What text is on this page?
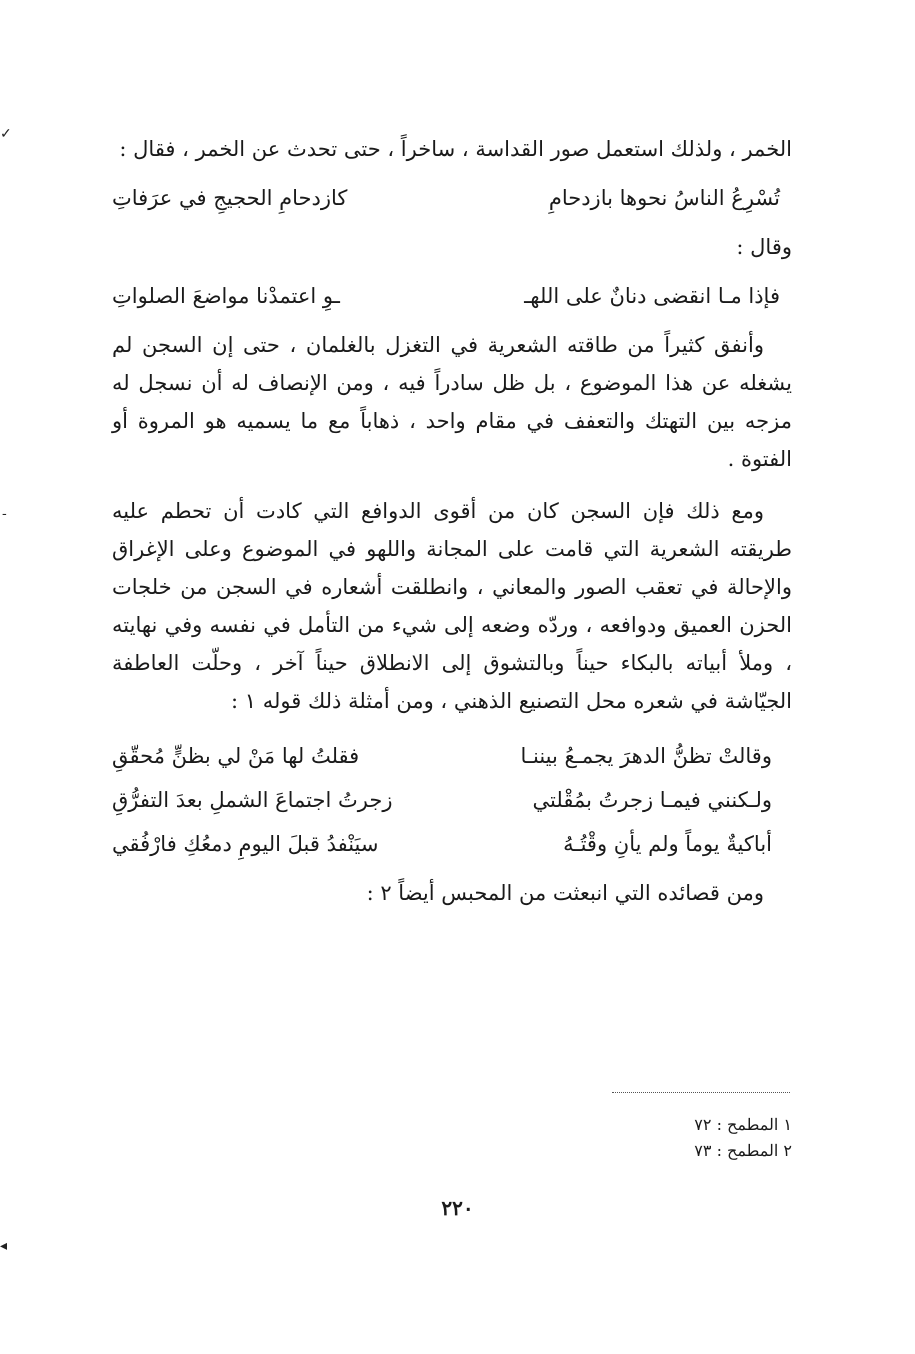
✓
-
◂

الخمر ، ولذلك استعمل صور القداسة ، ساخراً ، حتى تحدث عن الخمر ، فقال :

تُسْرِعُ الناسُ نحوها بازدحامِ
كازدحامِ الحجيجِ في عرَفاتِ

وقال :

فإذا مـا انقضى دنانٌ على اللهـ
ـوِ اعتمدْنا مواضعَ الصلواتِ

وأنفق كثيراً من طاقته الشعرية في التغزل بالغلمان ، حتى إن السجن لم يشغله عن هذا الموضوع ، بل ظل سادراً فيه ، ومن الإنصاف له أن نسجل له مزجه بين التهتك والتعفف في مقام واحد ، ذهاباً مع ما يسميه هو المروة أو الفتوة .

ومع ذلك فإن السجن كان من أقوى الدوافع التي كادت أن تحطم عليه طريقته الشعرية التي قامت على المجانة واللهو في الموضوع وعلى الإغراق والإحالة في تعقب الصور والمعاني ، وانطلقت أشعاره في السجن من خلجات الحزن العميق ودوافعه ، وردّه وضعه إلى شيء من التأمل في نفسه وفي نهايته ، وملأ أبياته بالبكاء حيناً وبالتشوق إلى الانطلاق حيناً آخر ، وحلّت العاطفة الجيّاشة في شعره محل التصنيع الذهني ، ومن أمثلة ذلك قوله ١ :

وقالتْ تظنُّ الدهرَ يجمـعُ بيننـا
فقلتُ لها مَنْ لي بظنٍّ مُحقّقِ
ولـكنني فيمـا زجرتُ بمُقْلتي
زجرتُ اجتماعَ الشملِ بعدَ التفرُّقِ
أباكيةٌ يوماً ولم يأنِ وقْتُـهُ
سيَنْفدُ قبلَ اليومِ دمعُكِ فارْفُقي

ومن قصائده التي انبعثت من المحبس أيضاً ٢ :

١ المطمح : ٧٢
٢ المطمح : ٧٣
٢٢٠
